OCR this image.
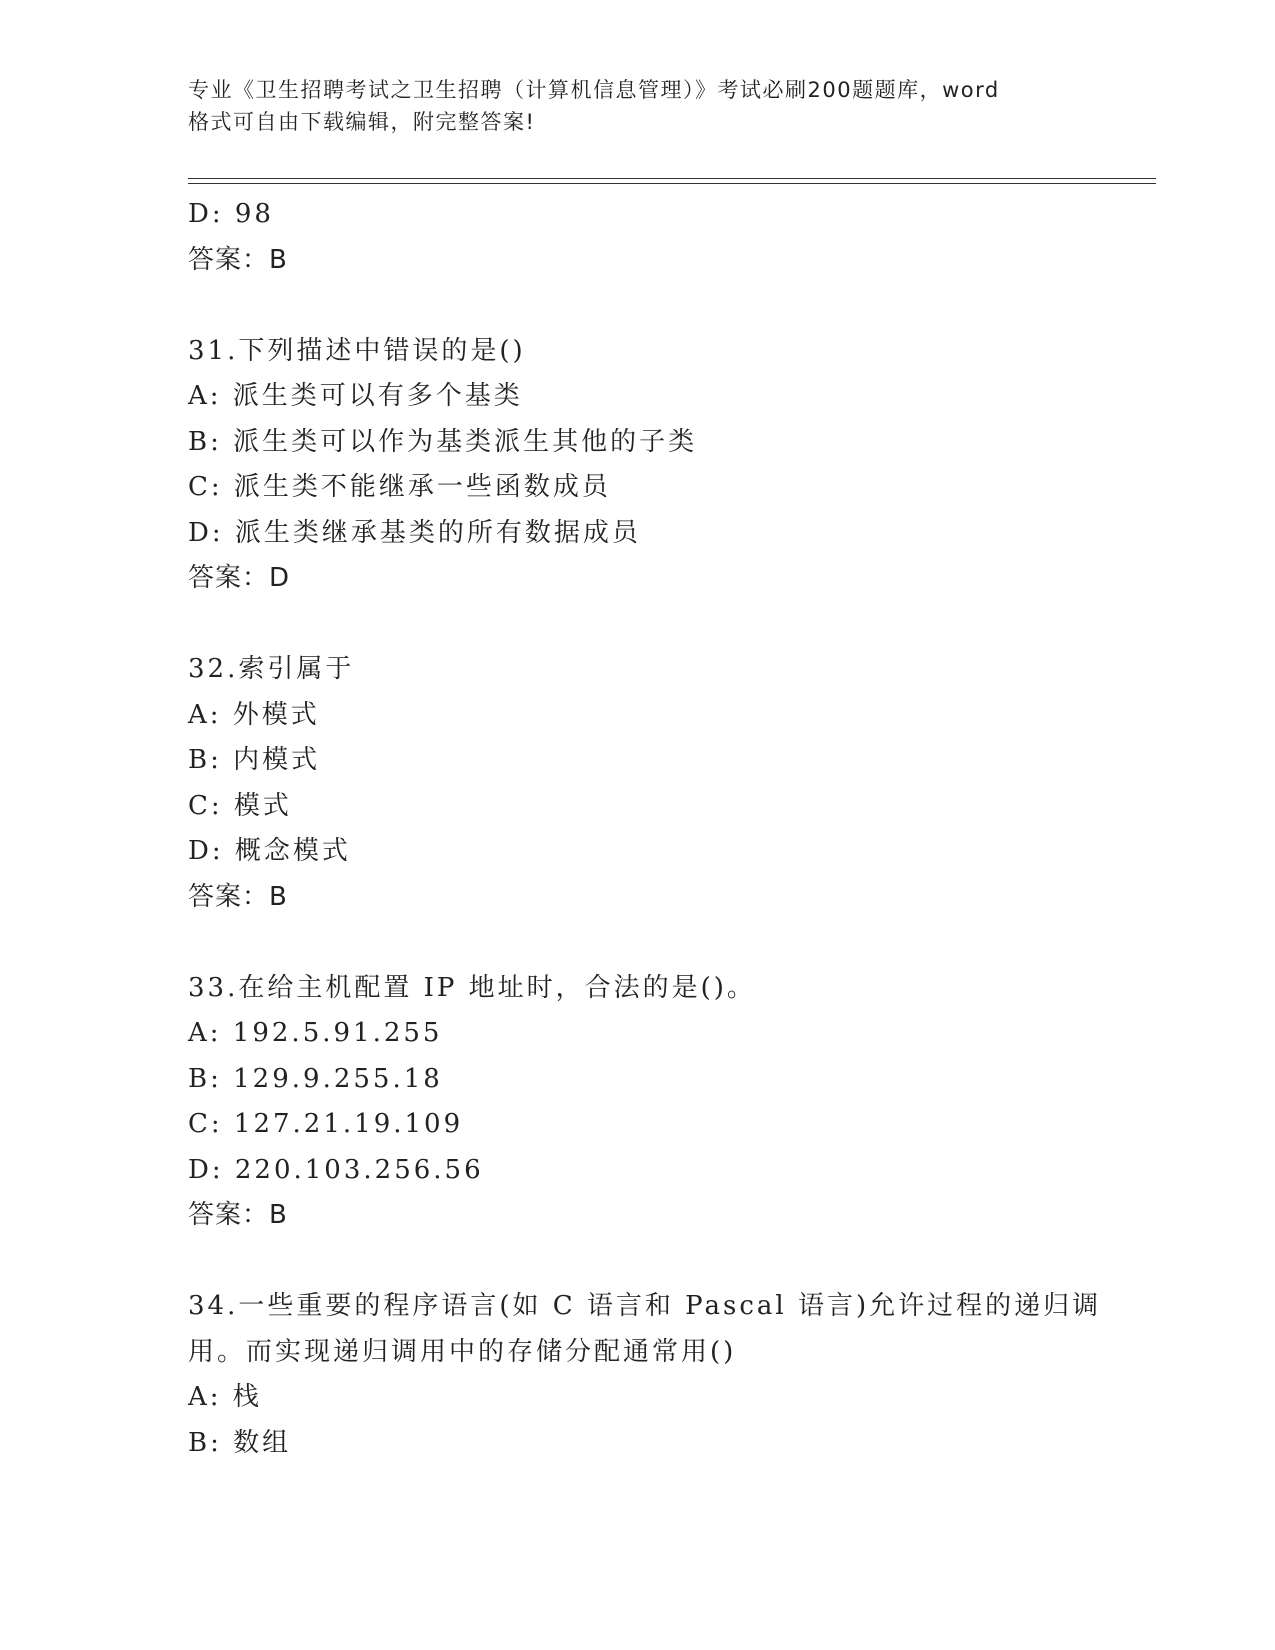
专业《卫生招聘考试之卫生招聘（计算机信息管理）》考试必刷200题题库，word
格式可自由下载编辑，附完整答案!
D: 98
答案：B
31.下列描述中错误的是()
A: 派生类可以有多个基类
B: 派生类可以作为基类派生其他的子类
C: 派生类不能继承一些函数成员
D: 派生类继承基类的所有数据成员
答案：D
32.索引属于
A: 外模式
B: 内模式
C: 模式
D: 概念模式
答案：B
33.在给主机配置 IP 地址时，合法的是()。
A: 192.5.91.255
B: 129.9.255.18
C: 127.21.19.109
D: 220.103.256.56
答案：B
34.一些重要的程序语言(如 C 语言和 Pascal 语言)允许过程的递归调
用。而实现递归调用中的存储分配通常用()
A: 栈
B: 数组
